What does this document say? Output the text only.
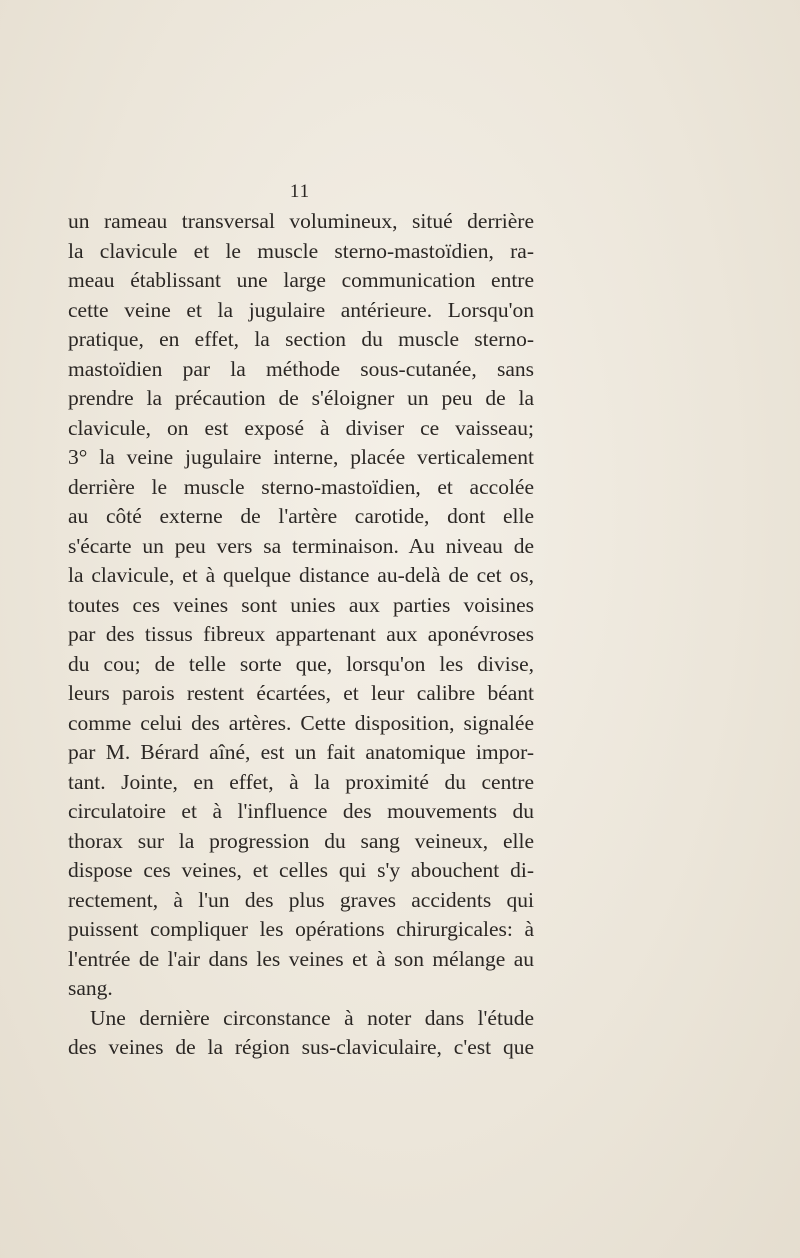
11
un rameau transversal volumineux, situé derrière
la clavicule et le muscle sterno-mastoïdien, ra-
meau établissant une large communication entre
cette veine et la jugulaire antérieure. Lorsqu'on
pratique, en effet, la section du muscle sterno-
mastoïdien par la méthode sous-cutanée, sans
prendre la précaution de s'éloigner un peu de la
clavicule, on est exposé à diviser ce vaisseau;
3° la veine jugulaire interne, placée verticalement
derrière le muscle sterno-mastoïdien, et accolée
au côté externe de l'artère carotide, dont elle
s'écarte un peu vers sa terminaison. Au niveau de
la clavicule, et à quelque distance au-delà de cet os,
toutes ces veines sont unies aux parties voisines
par des tissus fibreux appartenant aux aponévroses
du cou; de telle sorte que, lorsqu'on les divise,
leurs parois restent écartées, et leur calibre béant
comme celui des artères. Cette disposition, signalée
par M. Bérard aîné, est un fait anatomique impor-
tant. Jointe, en effet, à la proximité du centre
circulatoire et à l'influence des mouvements du
thorax sur la progression du sang veineux, elle
dispose ces veines, et celles qui s'y abouchent di-
rectement, à l'un des plus graves accidents qui
puissent compliquer les opérations chirurgicales: à
l'entrée de l'air dans les veines et à son mélange au
sang.
Une dernière circonstance à noter dans l'étude
des veines de la région sus-claviculaire, c'est que
